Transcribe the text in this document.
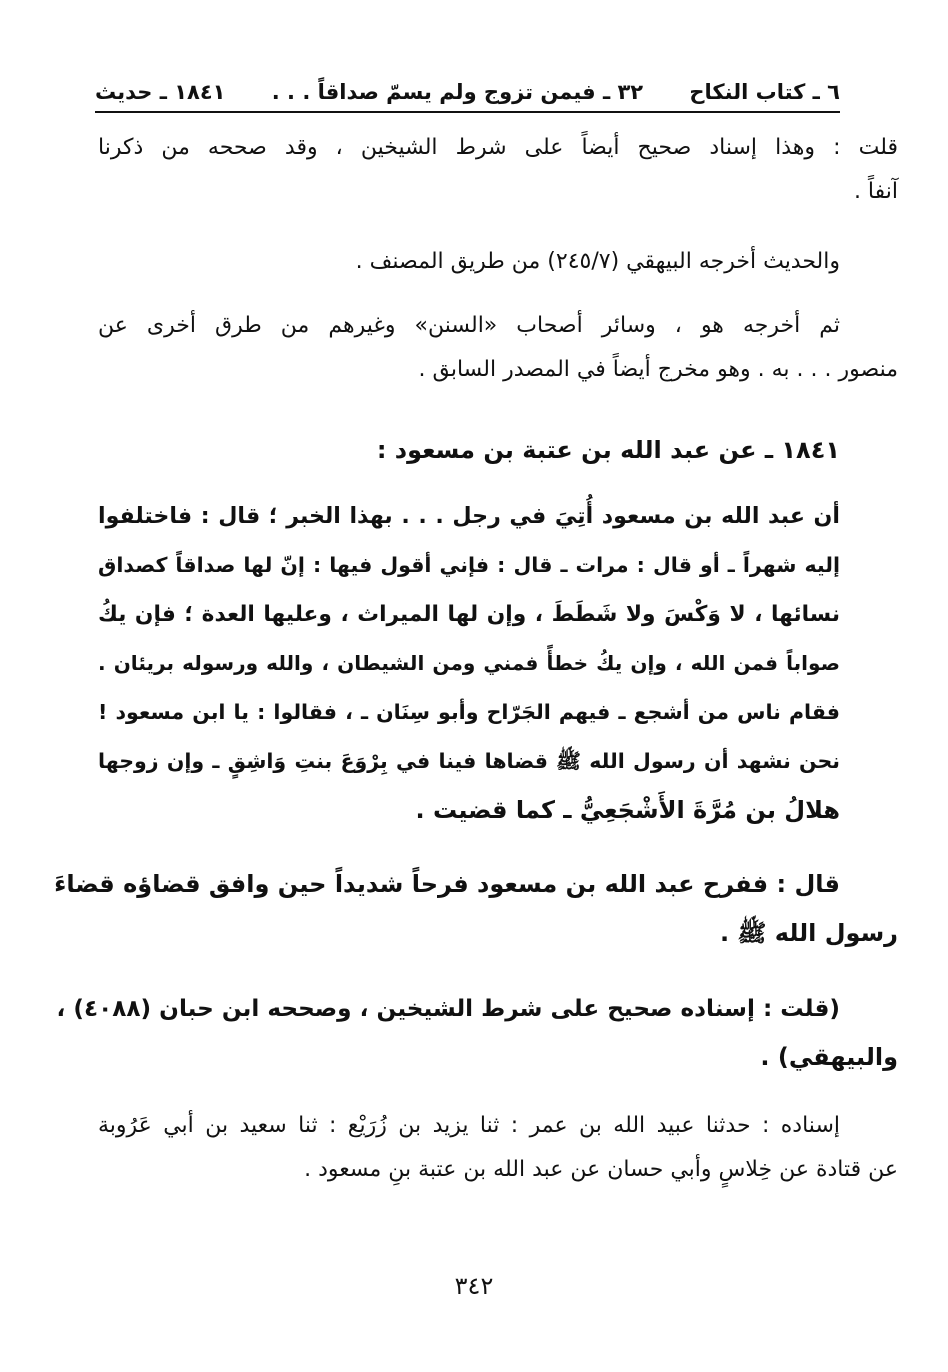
٦ ـ كتاب النكاح
٣٢ ـ فيمن تزوج ولم يسمّ صداقاً . . .
١٨٤١ ـ حديث
قلت : وهذا إسناد صحيح أيضاً على شرط الشيخين ، وقد صححه من ذكرنا
آنفاً .
والحديث أخرجه البيهقي (٢٤٥/٧) من طريق المصنف .
ثم أخرجه هو ، وسائر أصحاب «السنن» وغيرهم من طرق أخرى عن
منصور . . . به . وهو مخرج أيضاً في المصدر السابق .
١٨٤١ ـ عن عبد الله بن عتبة بن مسعود :
أن عبد الله بن مسعود أُتِيَ في رجل . . . بهذا الخبر ؛ قال : فاختلفوا
إليه شهراً ـ أو قال : مرات ـ قال : فإني أقول فيها : إنّ لها صداقاً كصداق
نسائها ، لا وَكْسَ ولا شَطَطَ ، وإن لها الميراث ، وعليها العدة ؛ فإن يكُ
صواباً فمن الله ، وإن يكُ خطأً فمني ومن الشيطان ، والله ورسوله بريئان .
فقام ناس من أشجع ـ فيهم الجَرّاح وأبو سِنَان ـ ، فقالوا : يا ابن مسعود !
نحن نشهد أن رسول الله ﷺ قضاها فينا في بِرْوَعَ بنتِ وَاشِقٍ ـ وإن زوجها
هلالُ بن مُرَّةَ الأَشْجَعِيُّ ـ كما قضيت .
قال : ففرح عبد الله بن مسعود فرحاً شديداً حين وافق قضاؤه قضاءَ
رسول الله ﷺ .
(قلت : إسناده صحيح على شرط الشيخين ، وصححه ابن حبان (٤٠٨٨) ،
والبيهقي) .
إسناده : حدثنا عبيد الله بن عمر : ثنا يزيد بن زُرَيْع : ثنا سعيد بن أبي عَرُوبة
عن قتادة عن خِلاسٍ وأبي حسان عن عبد الله بن عتبة بنِ مسعود .
٣٤٢
